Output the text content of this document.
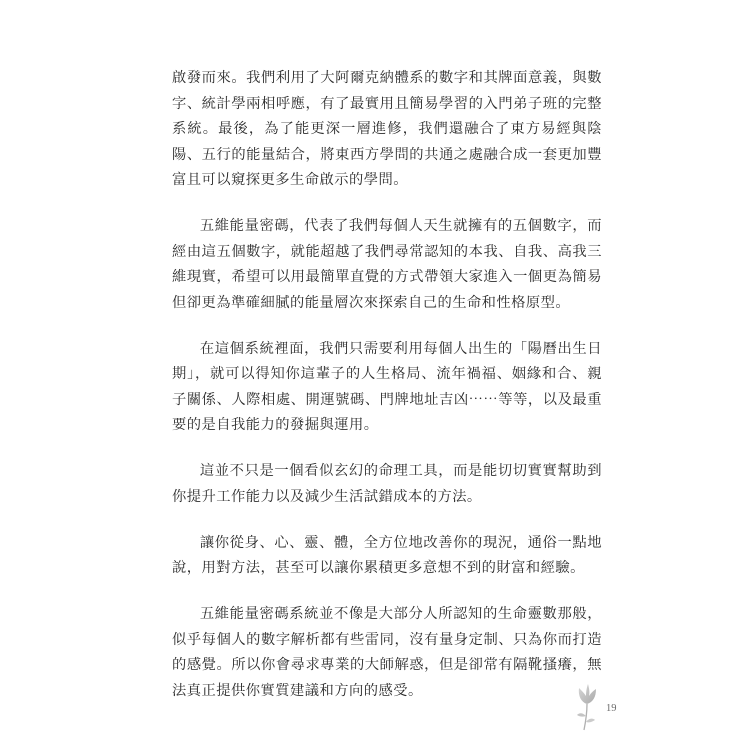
啟發而來。我們利用了大阿爾克納體系的數字和其牌面意義，與數字、統計學兩相呼應，有了最實用且簡易學習的入門弟子班的完整系統。最後，為了能更深一層進修，我們還融合了東方易經與陰陽、五行的能量結合，將東西方學問的共通之處融合成一套更加豐富且可以窺探更多生命啟示的學問。

五維能量密碼，代表了我們每個人天生就擁有的五個數字，而經由這五個數字，就能超越了我們尋常認知的本我、自我、高我三維現實，希望可以用最簡單直覺的方式帶領大家進入一個更為簡易但卻更為準確細膩的能量層次來探索自己的生命和性格原型。

在這個系統裡面，我們只需要利用每個人出生的「陽曆出生日期」，就可以得知你這輩子的人生格局、流年禍福、姻緣和合、親子關係、人際相處、開運號碼、門牌地址吉凶⋯⋯等等，以及最重要的是自我能力的發掘與運用。

這並不只是一個看似玄幻的命理工具，而是能切切實實幫助到你提升工作能力以及減少生活試錯成本的方法。

讓你從身、心、靈、體，全方位地改善你的現況，通俗一點地說，用對方法，甚至可以讓你累積更多意想不到的財富和經驗。

五維能量密碼系統並不像是大部分人所認知的生命靈數那般，似乎每個人的數字解析都有些雷同，沒有量身定制、只為你而打造的感覺。所以你會尋求專業的大師解惑，但是卻常有隔靴搔癢，無法真正提供你實質建議和方向的感受。

19
